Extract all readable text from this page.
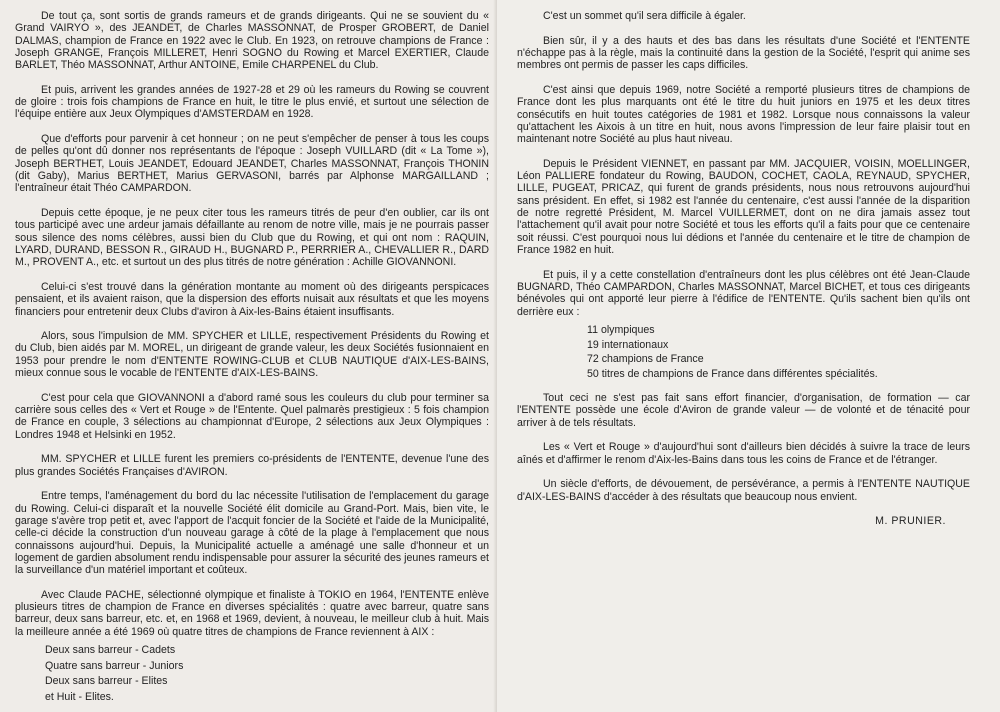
De tout ça, sont sortis de grands rameurs et de grands dirigeants. Qui ne se souvient du « Grand VAIRYO », des JEANDET, de Charles MASSONNAT, de Prosper GROBERT, de Daniel DALMAS, champion de France en 1922 avec le Club. En 1923, on retrouve champions de France : Joseph GRANGE, François MILLERET, Henri SOGNO du Rowing et Marcel EXERTIER, Claude BARLET, Théo MASSONNAT, Arthur ANTOINE, Emile CHARPENEL du Club.

Et puis, arrivent les grandes années de 1927-28 et 29 où les rameurs du Rowing se couvrent de gloire : trois fois champions de France en huit, le titre le plus envié, et surtout une sélection de l'équipe entière aux Jeux Olympiques d'AMSTERDAM en 1928.

Que d'efforts pour parvenir à cet honneur ; on ne peut s'empêcher de penser à tous les coups de pelles qu'ont dû donner nos représentants de l'époque : Joseph VUILLARD (dit « La Tome »), Joseph BERTHET, Louis JEANDET, Edouard JEANDET, Charles MASSONNAT, François THONIN (dit Gaby), Marius BERTHET, Marius GERVASONI, barrés par Alphonse MARGAILLAND ; l'entraîneur était Théo CAMPARDON.

Depuis cette époque, je ne peux citer tous les rameurs titrés de peur d'en oublier, car ils ont tous participé avec une ardeur jamais défaillante au renom de notre ville, mais je ne pourrais passer sous silence des noms célèbres, aussi bien du Club que du Rowing, et qui ont nom : RAQUIN, LYARD, DURAND, BESSON R., GIRAUD H., BUGNARD P., PERRRIER A., CHEVALLIER R., DARD M., PROVENT A., etc. et surtout un des plus titrés de notre génération : Achille GIOVANNONI.

Celui-ci s'est trouvé dans la génération montante au moment où des dirigeants perspicaces pensaient, et ils avaient raison, que la dispersion des efforts nuisait aux résultats et que les moyens financiers pour entretenir deux Clubs d'aviron à Aix-les-Bains étaient insuffisants.

Alors, sous l'impulsion de MM. SPYCHER et LILLE, respectivement Présidents du Rowing et du Club, bien aidés par M. MOREL, un dirigeant de grande valeur, les deux Sociétés fusionnaient en 1953 pour prendre le nom d'ENTENTE ROWING-CLUB et CLUB NAUTIQUE d'AIX-LES-BAINS, mieux connue sous le vocable de l'ENTENTE d'AIX-LES-BAINS.

C'est pour cela que GIOVANNONI a d'abord ramé sous les couleurs du club pour terminer sa carrière sous celles des « Vert et Rouge » de l'Entente. Quel palmarès prestigieux : 5 fois champion de France en couple, 3 sélections au championnat d'Europe, 2 sélections aux Jeux Olympiques : Londres 1948 et Helsinki en 1952.

MM. SPYCHER et LILLE furent les premiers co-présidents de l'ENTENTE, devenue l'une des plus grandes Sociétés Françaises d'AVIRON.

Entre temps, l'aménagement du bord du lac nécessite l'utilisation de l'emplacement du garage du Rowing. Celui-ci disparaît et la nouvelle Société élit domicile au Grand-Port. Mais, bien vite, le garage s'avère trop petit et, avec l'apport de l'acquit foncier de la Société et l'aide de la Municipalité, celle-ci décide la construction d'un nouveau garage à côté de la plage à l'emplacement que nous connaissons aujourd'hui. Depuis, la Municipalité actuelle a aménagé une salle d'honneur et un logement de gardien absolument rendu indispensable pour assurer la sécurité des jeunes rameurs et la surveillance d'un matériel important et coûteux.

Avec Claude PACHE, sélectionné olympique et finaliste à TOKIO en 1964, l'ENTENTE enlève plusieurs titres de champion de France en diverses spécialités : quatre avec barreur, quatre sans barreur, deux sans barreur, etc. et, en 1968 et 1969, devient, à nouveau, le meilleur club à huit. Mais la meilleure année a été 1969 où quatre titres de champions de France reviennent à AIX :

Deux sans barreur - Cadets
Quatre sans barreur - Juniors
Deux sans barreur - Elites
et Huit - Elites.

C'est un sommet qu'il sera difficile à égaler.

Bien sûr, il y a des hauts et des bas dans les résultats d'une Société et l'ENTENTE n'échappe pas à la règle, mais la continuité dans la gestion de la Société, l'esprit qui anime ses membres ont permis de passer les caps difficiles.

C'est ainsi que depuis 1969, notre Société a remporté plusieurs titres de champions de France dont les plus marquants ont été le titre du huit juniors en 1975 et les deux titres consécutifs en huit toutes catégories de 1981 et 1982. Lorsque nous connaissons la valeur qu'attachent les Aixois à un titre en huit, nous avons l'impression de leur faire plaisir tout en maintenant notre Société au plus haut niveau.

Depuis le Président VIENNET, en passant par MM. JACQUIER, VOISIN, MOELLINGER, Léon PALLIERE fondateur du Rowing, BAUDON, COCHET, CAOLA, REYNAUD, SPYCHER, LILLE, PUGEAT, PRICAZ, qui furent de grands présidents, nous nous retrouvons aujourd'hui sans président. En effet, si 1982 est l'année du centenaire, c'est aussi l'année de la disparition de notre regretté Président, M. Marcel VUILLERMET, dont on ne dira jamais assez tout l'attachement qu'il avait pour notre Société et tous les efforts qu'il a faits pour que ce centenaire soit réussi. C'est pourquoi nous lui dédions et l'année du centenaire et le titre de champion de France 1982 en huit.

Et puis, il y a cette constellation d'entraîneurs dont les plus célèbres ont été Jean-Claude BUGNARD, Théo CAMPARDON, Charles MASSONNAT, Marcel BICHET, et tous ces dirigeants bénévoles qui ont apporté leur pierre à l'édifice de l'ENTENTE. Qu'ils sachent bien qu'ils ont derrière eux :

11 olympiques
19 internationaux
72 champions de France
50 titres de champions de France dans différentes spécialités.

Tout ceci ne s'est pas fait sans effort financier, d'organisation, de formation — car l'ENTENTE possède une école d'Aviron de grande valeur — de volonté et de ténacité pour arriver à de tels résultats.

Les « Vert et Rouge » d'aujourd'hui sont d'ailleurs bien décidés à suivre la trace de leurs aînés et d'affirmer le renom d'Aix-les-Bains dans tous les coins de France et de l'étranger.

Un siècle d'efforts, de dévouement, de persévérance, a permis à l'ENTENTE NAUTIQUE d'AIX-LES-BAINS d'accéder à des résultats que beaucoup nous envient.

M. PRUNIER.
